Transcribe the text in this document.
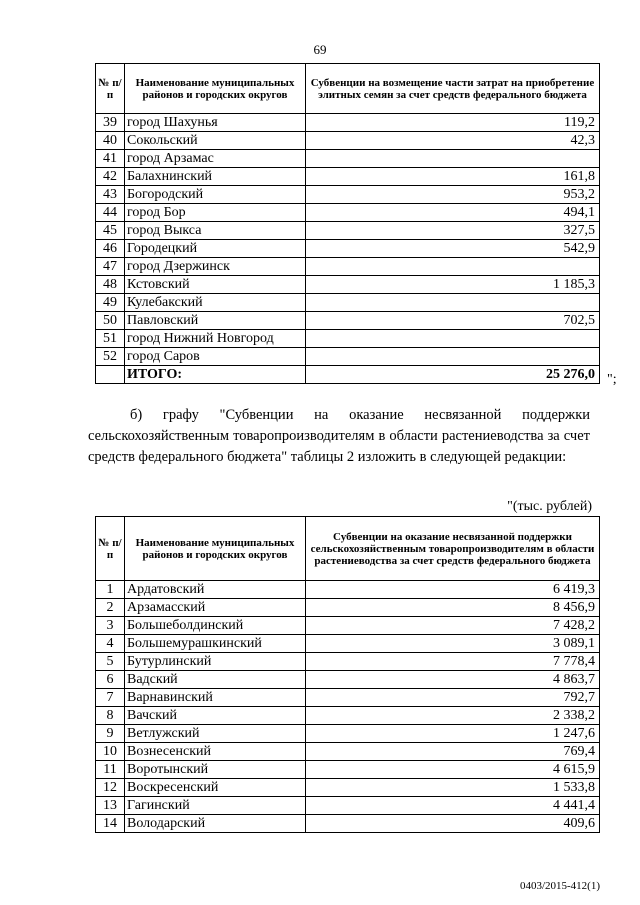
69
№ п/п	Наименование муниципальных районов и городских округов	Субвенции на возмещение части затрат на приобретение элитных семян за счет средств федерального бюджета
39	город Шахунья	119,2
40	Сокольский	42,3
41	город Арзамас	
42	Балахнинский	161,8
43	Богородский	953,2
44	город Бор	494,1
45	город Выкса	327,5
46	Городецкий	542,9
47	город Дзержинск	
48	Кстовский	1 185,3
49	Кулебакский	
50	Павловский	702,5
51	город Нижний Новгород	
52	город Саров	
	ИТОГО:	25 276,0 ";
б) графу "Субвенции на оказание несвязанной поддержки сельскохозяйственным товаропроизводителям в области растениеводства за счет средств федерального бюджета" таблицы 2 изложить в следующей редакции:
"(тыс. рублей)
№ п/п	Наименование муниципальных районов и городских округов	Субвенции на оказание несвязанной поддержки сельскохозяйственным товаропроизводителям в области растениеводства за счет средств федерального бюджета
1	Ардатовский	6 419,3
2	Арзамасский	8 456,9
3	Большеболдинский	7 428,2
4	Большемурашкинский	3 089,1
5	Бутурлинский	7 778,4
6	Вадский	4 863,7
7	Варнавинский	792,7
8	Вачский	2 338,2
9	Ветлужский	1 247,6
10	Вознесенский	769,4
11	Воротынский	4 615,9
12	Воскресенский	1 533,8
13	Гагинский	4 441,4
14	Володарский	409,6
0403/2015-412(1)
